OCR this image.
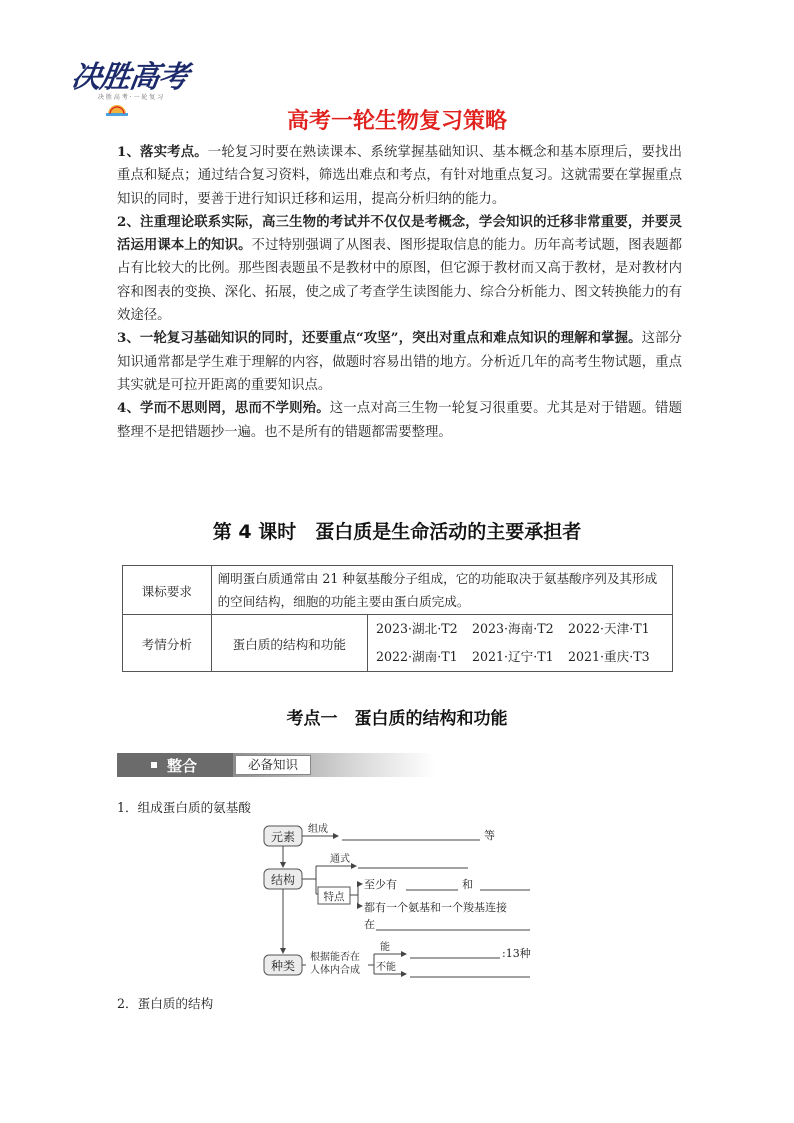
决胜高考
决 胜 高 考 · 一 轮 复 习
高考一轮生物复习策略

1、落实考点。一轮复习时要在熟读课本、系统掌握基础知识、基本概念和基本原理后，要找出重点和疑点；通过结合复习资料，筛选出难点和考点，有针对地重点复习。这就需要在掌握重点知识的同时，要善于进行知识迁移和运用，提高分析归纳的能力。

2、注重理论联系实际，高三生物的考试并不仅仅是考概念，学会知识的迁移非常重要，并要灵活运用课本上的知识。不过特别强调了从图表、图形提取信息的能力。历年高考试题，图表题都占有比较大的比例。那些图表题虽不是教材中的原图，但它源于教材而又高于教材，是对教材内容和图表的变换、深化、拓展，使之成了考查学生读图能力、综合分析能力、图文转换能力的有效途径。

3、一轮复习基础知识的同时，还要重点“攻坚”，突出对重点和难点知识的理解和掌握。这部分知识通常都是学生难于理解的内容，做题时容易出错的地方。分析近几年的高考生物试题，重点其实就是可拉开距离的重要知识点。

4、学而不思则罔，思而不学则殆。这一点对高三生物一轮复习很重要。尤其是对于错题。错题整理不是把错题抄一遍。也不是所有的错题都需要整理。

第 4 课时　蛋白质是生命活动的主要承担者
课标要求	阐明蛋白质通常由 21 种氨基酸分子组成，它的功能取决于氨基酸序列及其形成的空间结构，细胞的功能主要由蛋白质完成。	
考情分析	蛋白质的结构和功能	2023·湖北·T2 2023·海南·T2 2022·天津·T1
2022·湖南·T1 2021·辽宁·T1 2021·重庆·T3
考点一　蛋白质的结构和功能
整合	必备知识
1．组成蛋白质的氨基酸
元素
结构
种类
组成	等
通式
特点
至少有	和
都有一个氨基和一个羧基连接
在
根据能否在
人体内合成
能
不能
:13种
2．蛋白质的结构
